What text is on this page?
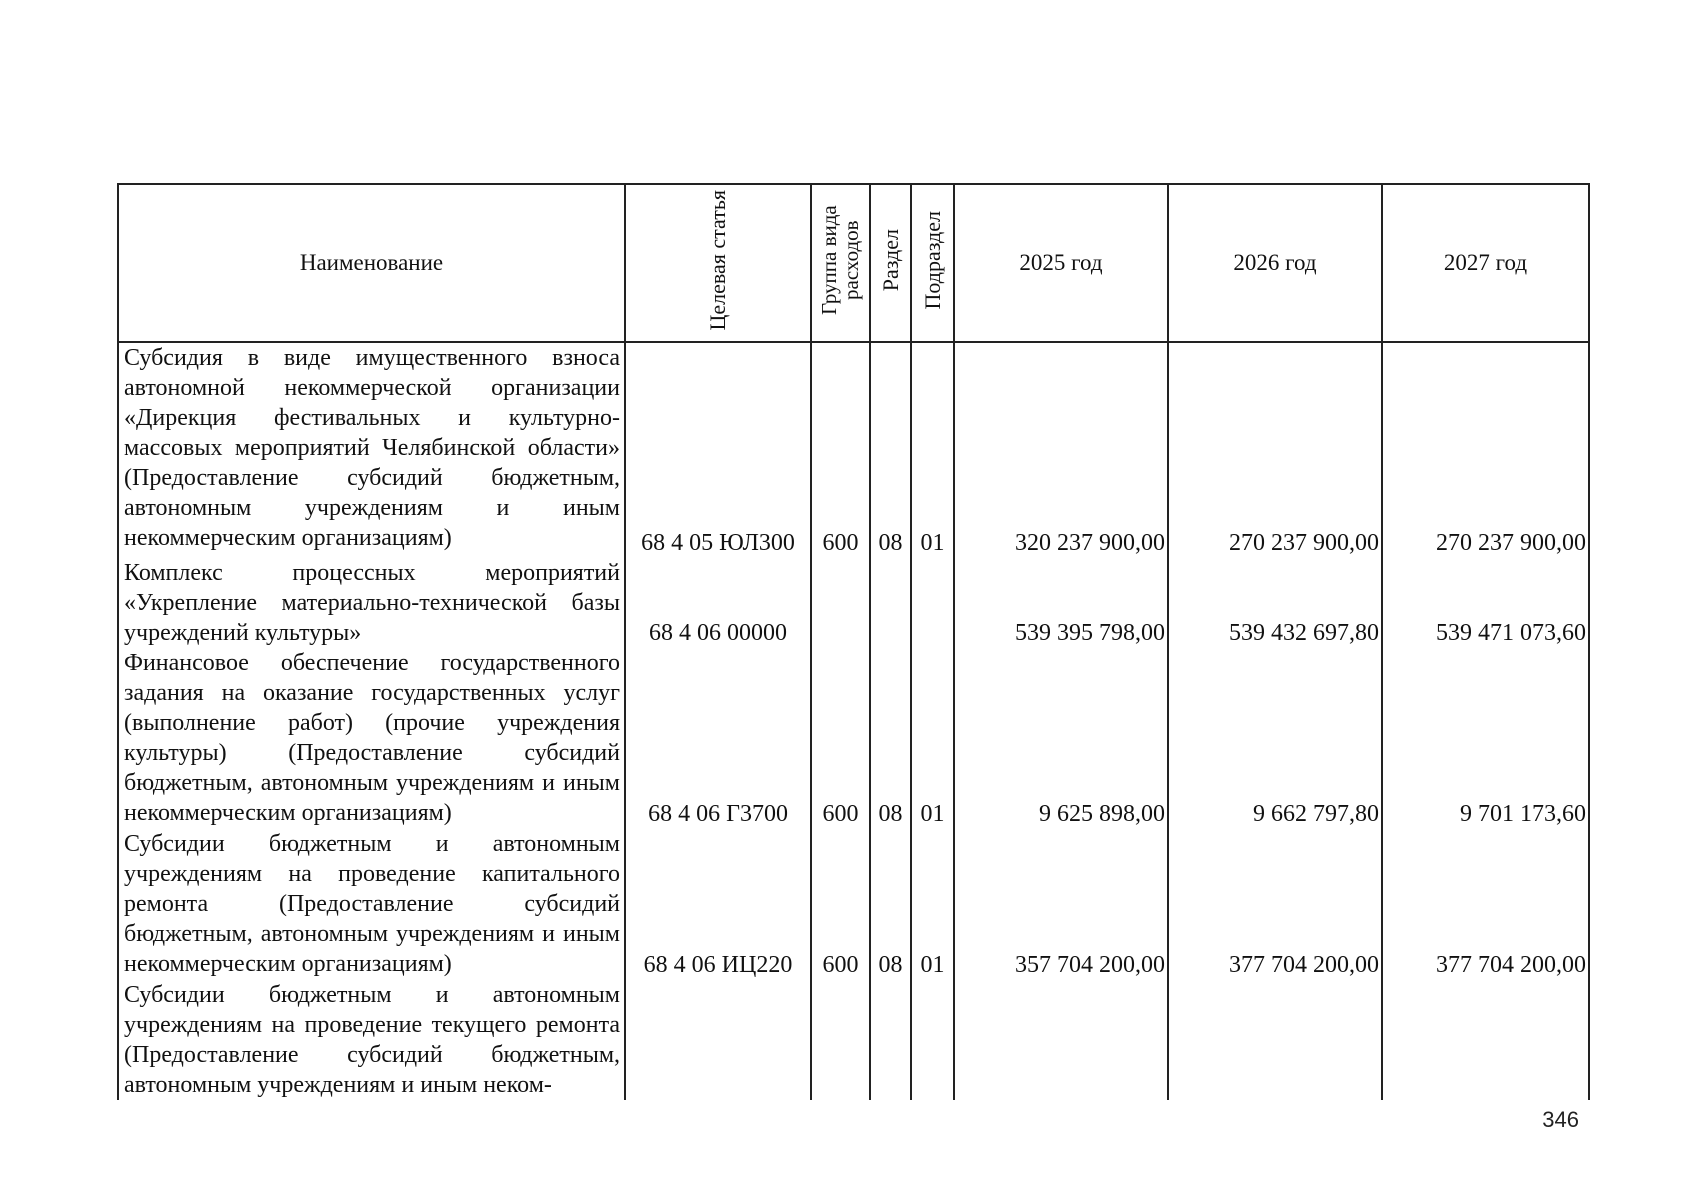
Наименование	Целевая статья	Группа вида расходов	Раздел	Подраздел	2025 год	2026 год	2027 год
Субсидия в виде имущественного взноса автономной некоммерческой организации «Дирекция фестивальных и культурно-массовых мероприятий Челябинской области» (Предоставление субсидий бюджетным, автономным учреждениям и иным некоммерческим организациям)	68 4 05 ЮЛ300	600	08	01	320 237 900,00	270 237 900,00	270 237 900,00
Комплекс процессных мероприятий «Укрепление материально-технической базы учреждений культуры»	68 4 06 00000				539 395 798,00	539 432 697,80	539 471 073,60
Финансовое обеспечение государственного задания на оказание государственных услуг (выполнение работ) (прочие учреждения культуры) (Предоставление субсидий бюджетным, автономным учреждениям и иным некоммерческим организациям)	68 4 06 Г3700	600	08	01	9 625 898,00	9 662 797,80	9 701 173,60
Субсидии бюджетным и автономным учреждениям на проведение капитального ремонта (Предоставление субсидий бюджетным, автономным учреждениям и иным некоммерческим организациям)	68 4 06 ИЦ220	600	08	01	357 704 200,00	377 704 200,00	377 704 200,00
Субсидии бюджетным и автономным учреждениям на проведение текущего ремонта (Предоставление субсидий бюджетным, автономным учреждениям и иным неком-							
346
